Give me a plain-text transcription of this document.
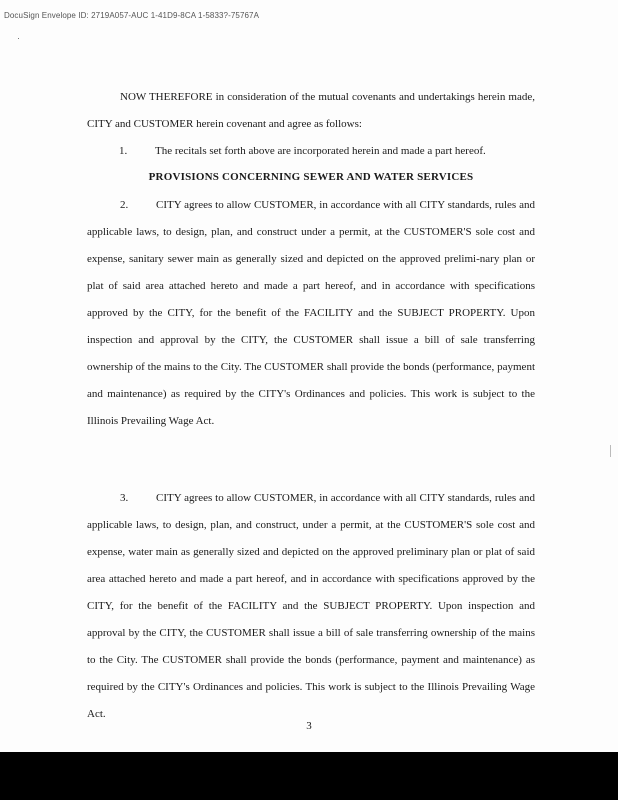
DocuSign Envelope ID: 2719A057-AUC 1-41D9-8CA 1-5833?-75767A

NOW THEREFORE in consideration of the mutual covenants and undertakings herein made, CITY and CUSTOMER herein covenant and agree as follows:

1.	The recitals set forth above are incorporated herein and made a part hereof.
PROVISIONS CONCERNING SEWER AND WATER SERVICES

2.	CITY agrees to allow CUSTOMER, in accordance with all CITY standards, rules and applicable laws, to design, plan, and construct under a permit, at the CUSTOMER'S sole cost and expense, sanitary sewer main as generally sized and depicted on the approved prelimi-nary plan or plat of said area attached hereto and made a part hereof, and in accordance with specifications approved by the CITY, for the benefit of the FACILITY and the SUBJECT PROPERTY. Upon inspection and approval by the CITY, the CUSTOMER shall issue a bill of sale transferring ownership of the mains to the City. The CUSTOMER shall provide the bonds (performance, payment and maintenance) as required by the CITY's Ordinances and policies. This work is subject to the Illinois Prevailing Wage Act.

3.	CITY agrees to allow CUSTOMER, in accordance with all CITY standards, rules and applicable laws, to design, plan, and construct, under a permit, at the CUSTOMER'S sole cost and expense, water main as generally sized and depicted on the approved preliminary plan or plat of said area attached hereto and made a part hereof, and in accordance with specifications approved by the CITY, for the benefit of the FACILITY and the SUBJECT PROPERTY. Upon inspection and approval by the CITY, the CUSTOMER shall issue a bill of sale transferring ownership of the mains to the City. The CUSTOMER shall provide the bonds (performance, payment and maintenance) as required by the CITY's Ordinances and policies. This work is subject to the Illinois Prevailing Wage Act.

3
